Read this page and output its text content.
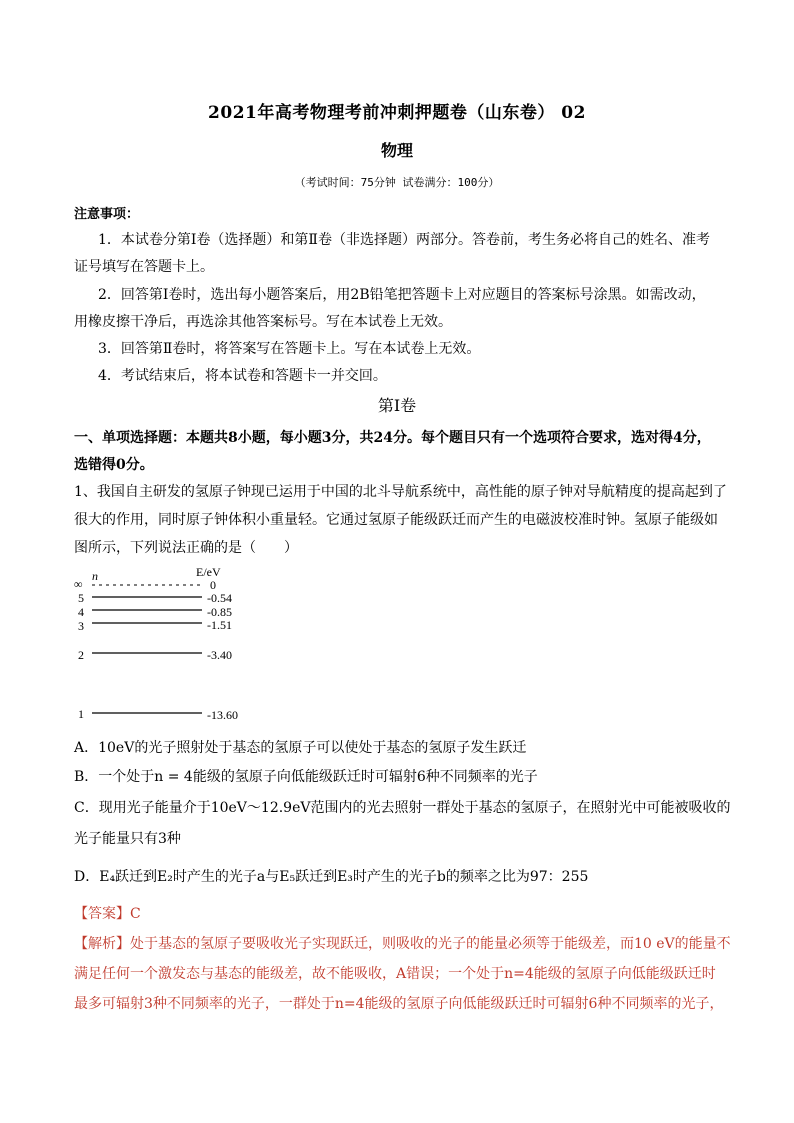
2021年高考物理考前冲刺押题卷（山东卷） 02
物理
（考试时间：75分钟 试卷满分：100分）
注意事项：
1．本试卷分第Ⅰ卷（选择题）和第Ⅱ卷（非选择题）两部分。答卷前，考生务必将自己的姓名、准考
证号填写在答题卡上。
2．回答第Ⅰ卷时，选出每小题答案后，用2B铅笔把答题卡上对应题目的答案标号涂黑。如需改动，
用橡皮擦干净后，再选涂其他答案标号。写在本试卷上无效。
3．回答第Ⅱ卷时，将答案写在答题卡上。写在本试卷上无效。
4．考试结束后，将本试卷和答题卡一并交回。
第Ⅰ卷
一、单项选择题：本题共8小题，每小题3分，共24分。每个题目只有一个选项符合要求，选对得4分，
选错得0分。
1、我国自主研发的氢原子钟现已运用于中国的北斗导航系统中，高性能的原子钟对导航精度的提高起到了
很大的作用，同时原子钟体积小重量轻。它通过氢原子能级跃迁而产生的电磁波校准时钟。氢原子能级如
图所示，下列说法正确的是（　　）
n	E/eV
∞	0
5	-0.54
4	-0.85
3	-1.51
2	-3.40
1	-13.60
A．10eV的光子照射处于基态的氢原子可以使处于基态的氢原子发生跃迁
B．一个处于n = 4能级的氢原子向低能级跃迁时可辐射6种不同频率的光子
C．现用光子能量介于10eV～12.9eV范围内的光去照射一群处于基态的氢原子，在照射光中可能被吸收的
光子能量只有3种
D．E₄跃迁到E₂时产生的光子a与E₅跃迁到E₃时产生的光子b的频率之比为97：255
【答案】C
【解析】处于基态的氢原子要吸收光子实现跃迁，则吸收的光子的能量必须等于能级差，而10 eV的能量不
满足任何一个激发态与基态的能级差，故不能吸收，A错误；一个处于n=4能级的氢原子向低能级跃迁时
最多可辐射3种不同频率的光子，一群处于n=4能级的氢原子向低能级跃迁时可辐射6种不同频率的光子，
